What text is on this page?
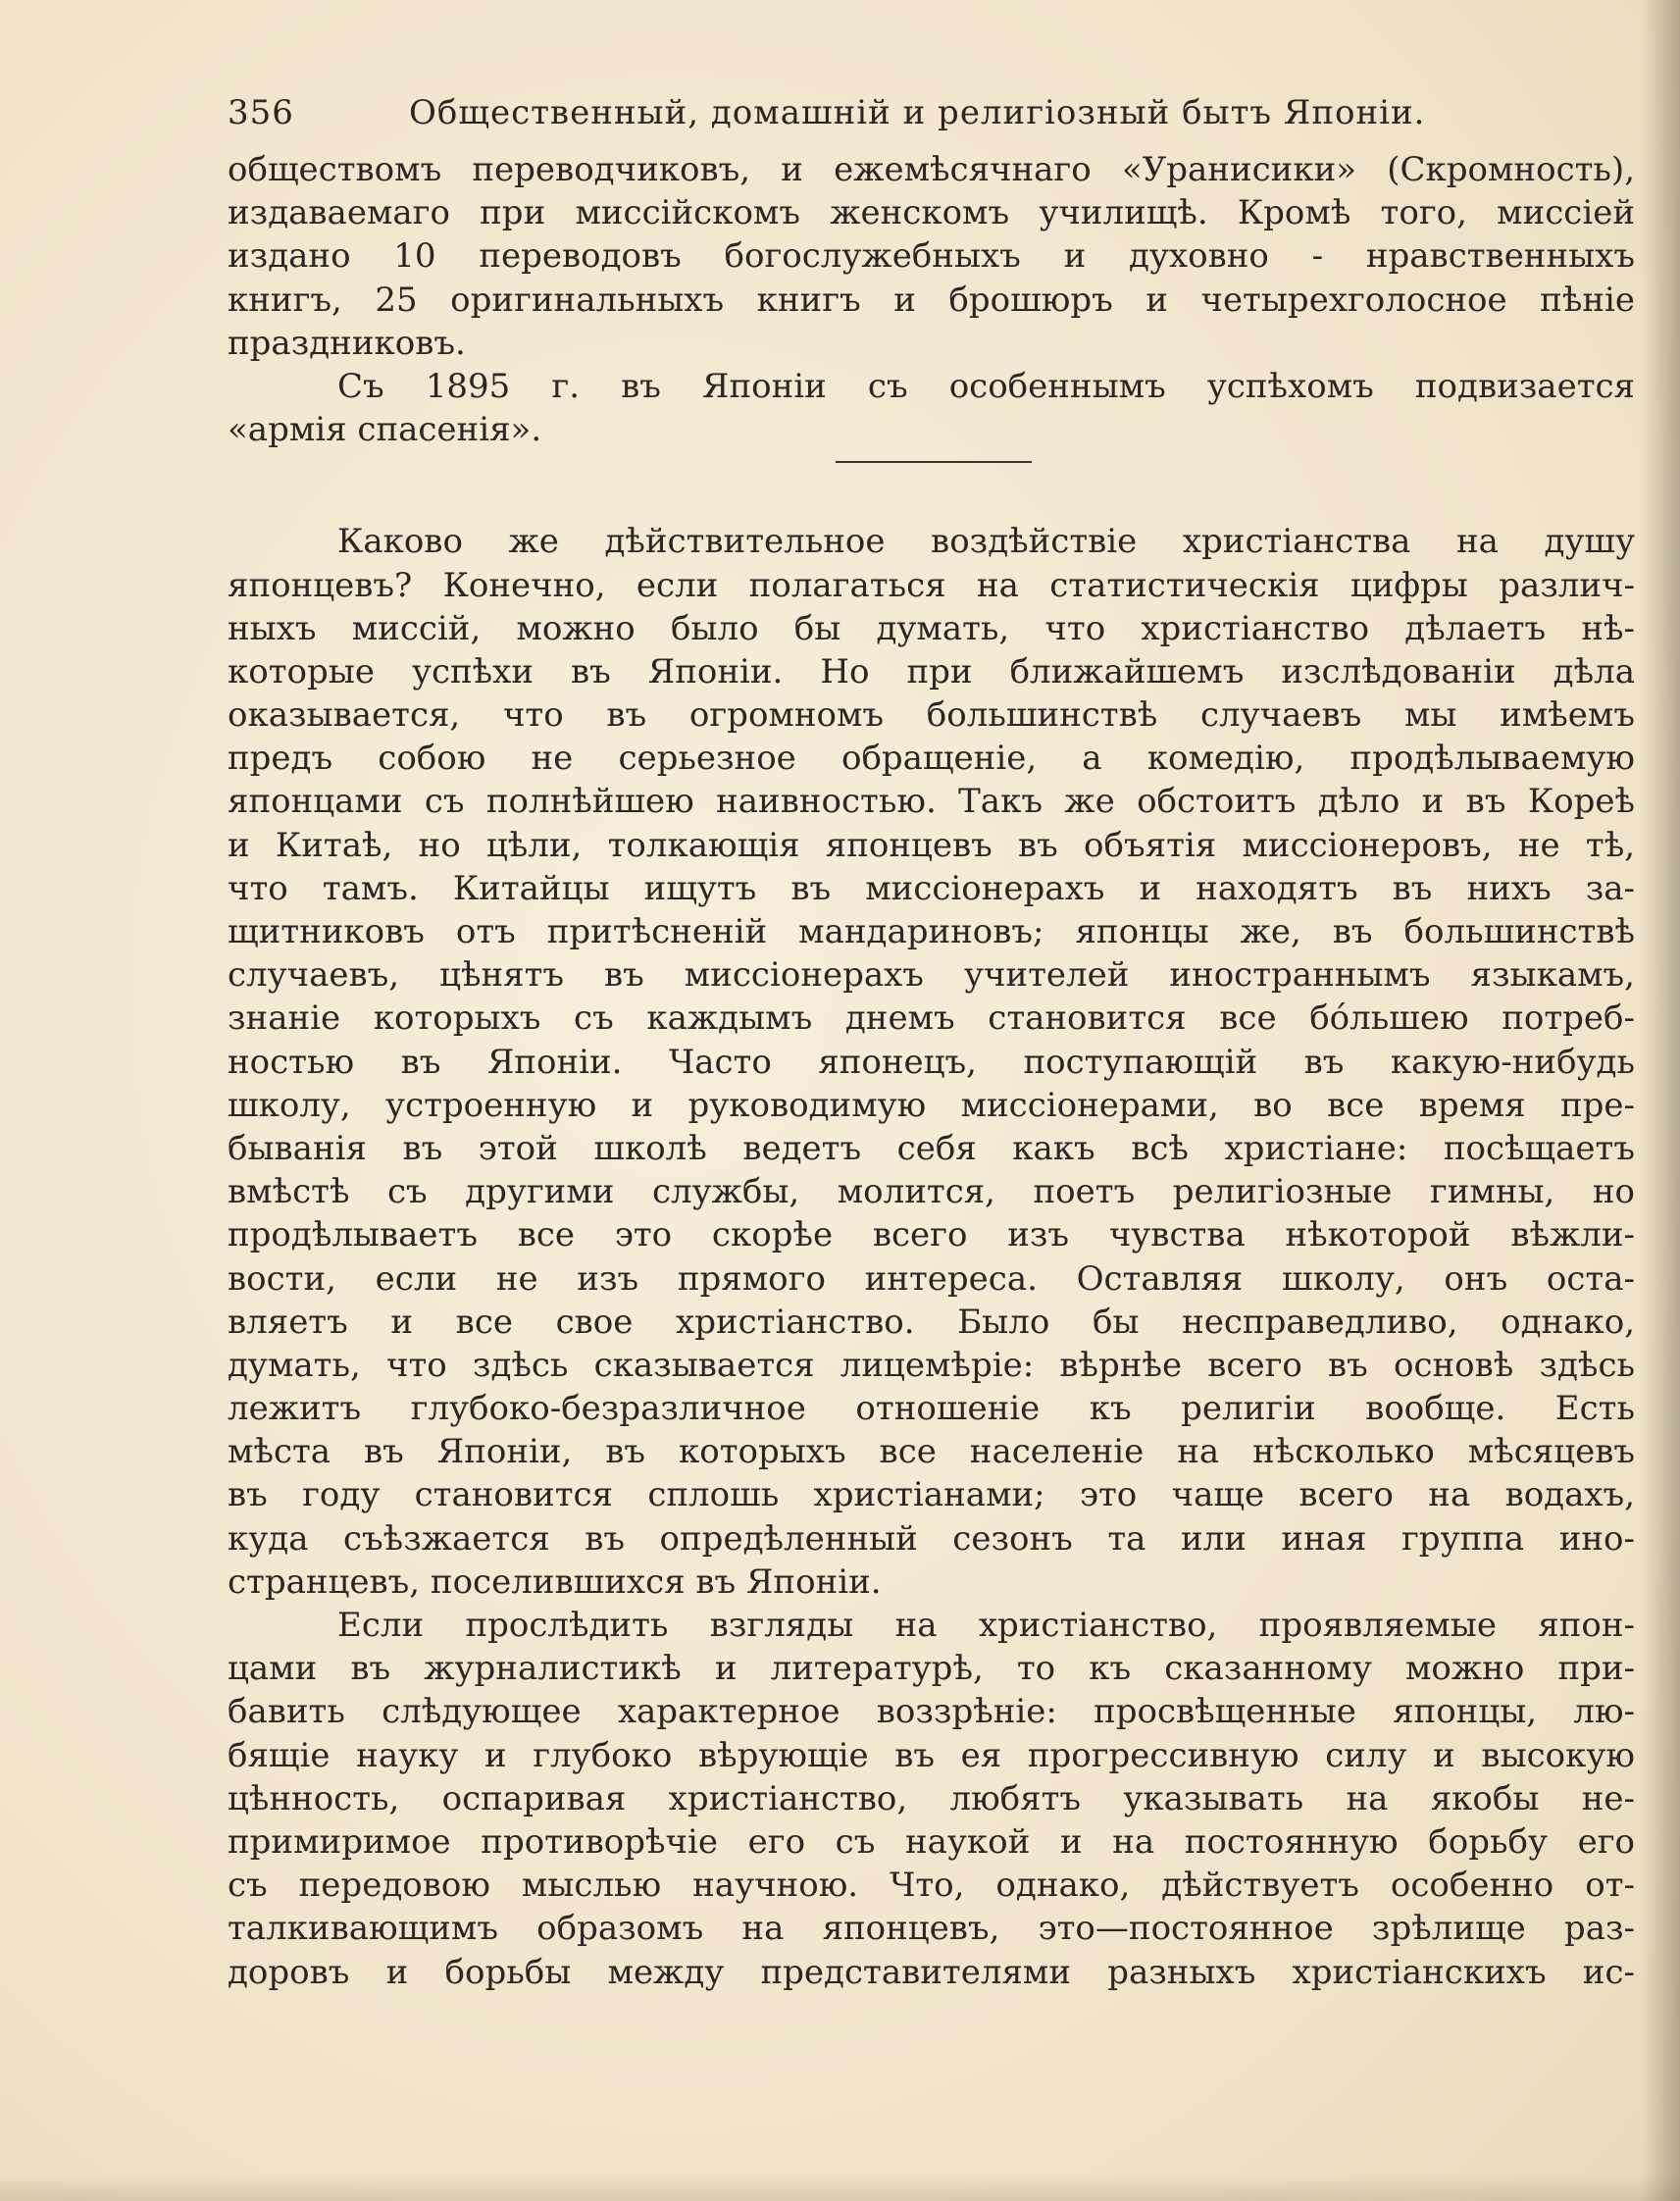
356	Общественный, домашній и религіозный бытъ Японіи.
обществомъ переводчиковъ, и ежемѣсячнаго «Уранисики» (Скромность),
издаваемаго при миссійскомъ женскомъ училищѣ. Кромѣ того, миссіей
издано 10 переводовъ богослужебныхъ и духовно - нравственныхъ
книгъ, 25 оригинальныхъ книгъ и брошюръ и четырехголосное пѣніе
праздниковъ.
Съ 1895 г. въ Японіи съ особеннымъ успѣхомъ подвизается
«армія спасенія».
Каково же дѣйствительное воздѣйствіе христіанства на душу
японцевъ? Конечно, если полагаться на статистическія цифры различ-
ныхъ миссій, можно было бы думать, что христіанство дѣлаетъ нѣ-
которые успѣхи въ Японіи. Но при ближайшемъ изслѣдованіи дѣла
оказывается, что въ огромномъ большинствѣ случаевъ мы имѣемъ
предъ собою не серьезное обращеніе, а комедію, продѣлываемую
японцами съ полнѣйшею наивностью. Такъ же обстоитъ дѣло и въ Кореѣ
и Китаѣ, но цѣли, толкающія японцевъ въ объятія миссіонеровъ, не тѣ,
что тамъ. Китайцы ищутъ въ миссіонерахъ и находятъ въ нихъ за-
щитниковъ отъ притѣсненій мандариновъ; японцы же, въ большинствѣ
случаевъ, цѣнятъ въ миссіонерахъ учителей иностраннымъ языкамъ,
знаніе которыхъ съ каждымъ днемъ становится все бóльшею потреб-
ностью въ Японіи. Часто японецъ, поступающій въ какую-нибудь
школу, устроенную и руководимую миссіонерами, во все время пре-
быванія въ этой школѣ ведетъ себя какъ всѣ христіане: посѣщаетъ
вмѣстѣ съ другими службы, молится, поетъ религіозные гимны, но
продѣлываетъ все это скорѣе всего изъ чувства нѣкоторой вѣжли-
вости, если не изъ прямого интереса. Оставляя школу, онъ оста-
вляетъ и все свое христіанство. Было бы несправедливо, однако,
думать, что здѣсь сказывается лицемѣріе: вѣрнѣе всего въ основѣ здѣсь
лежитъ глубоко-безразличное отношеніе къ религіи вообще. Есть
мѣста въ Японіи, въ которыхъ все населеніе на нѣсколько мѣсяцевъ
въ году становится сплошь христіанами; это чаще всего на водахъ,
куда съѣзжается въ опредѣленный сезонъ та или иная группа ино-
странцевъ, поселившихся въ Японіи.
Если прослѣдить взгляды на христіанство, проявляемые япон-
цами въ журналистикѣ и литературѣ, то къ сказанному можно при-
бавить слѣдующее характерное воззрѣніе: просвѣщенные японцы, лю-
бящіе науку и глубоко вѣрующіе въ ея прогрессивную силу и высокую
цѣнность, оспаривая христіанство, любятъ указывать на якобы не-
примиримое противорѣчіе его съ наукой и на постоянную борьбу его
съ передовою мыслью научною. Что, однако, дѣйствуетъ особенно от-
талкивающимъ образомъ на японцевъ, это—постоянное зрѣлище раз-
доровъ и борьбы между представителями разныхъ христіанскихъ ис-
